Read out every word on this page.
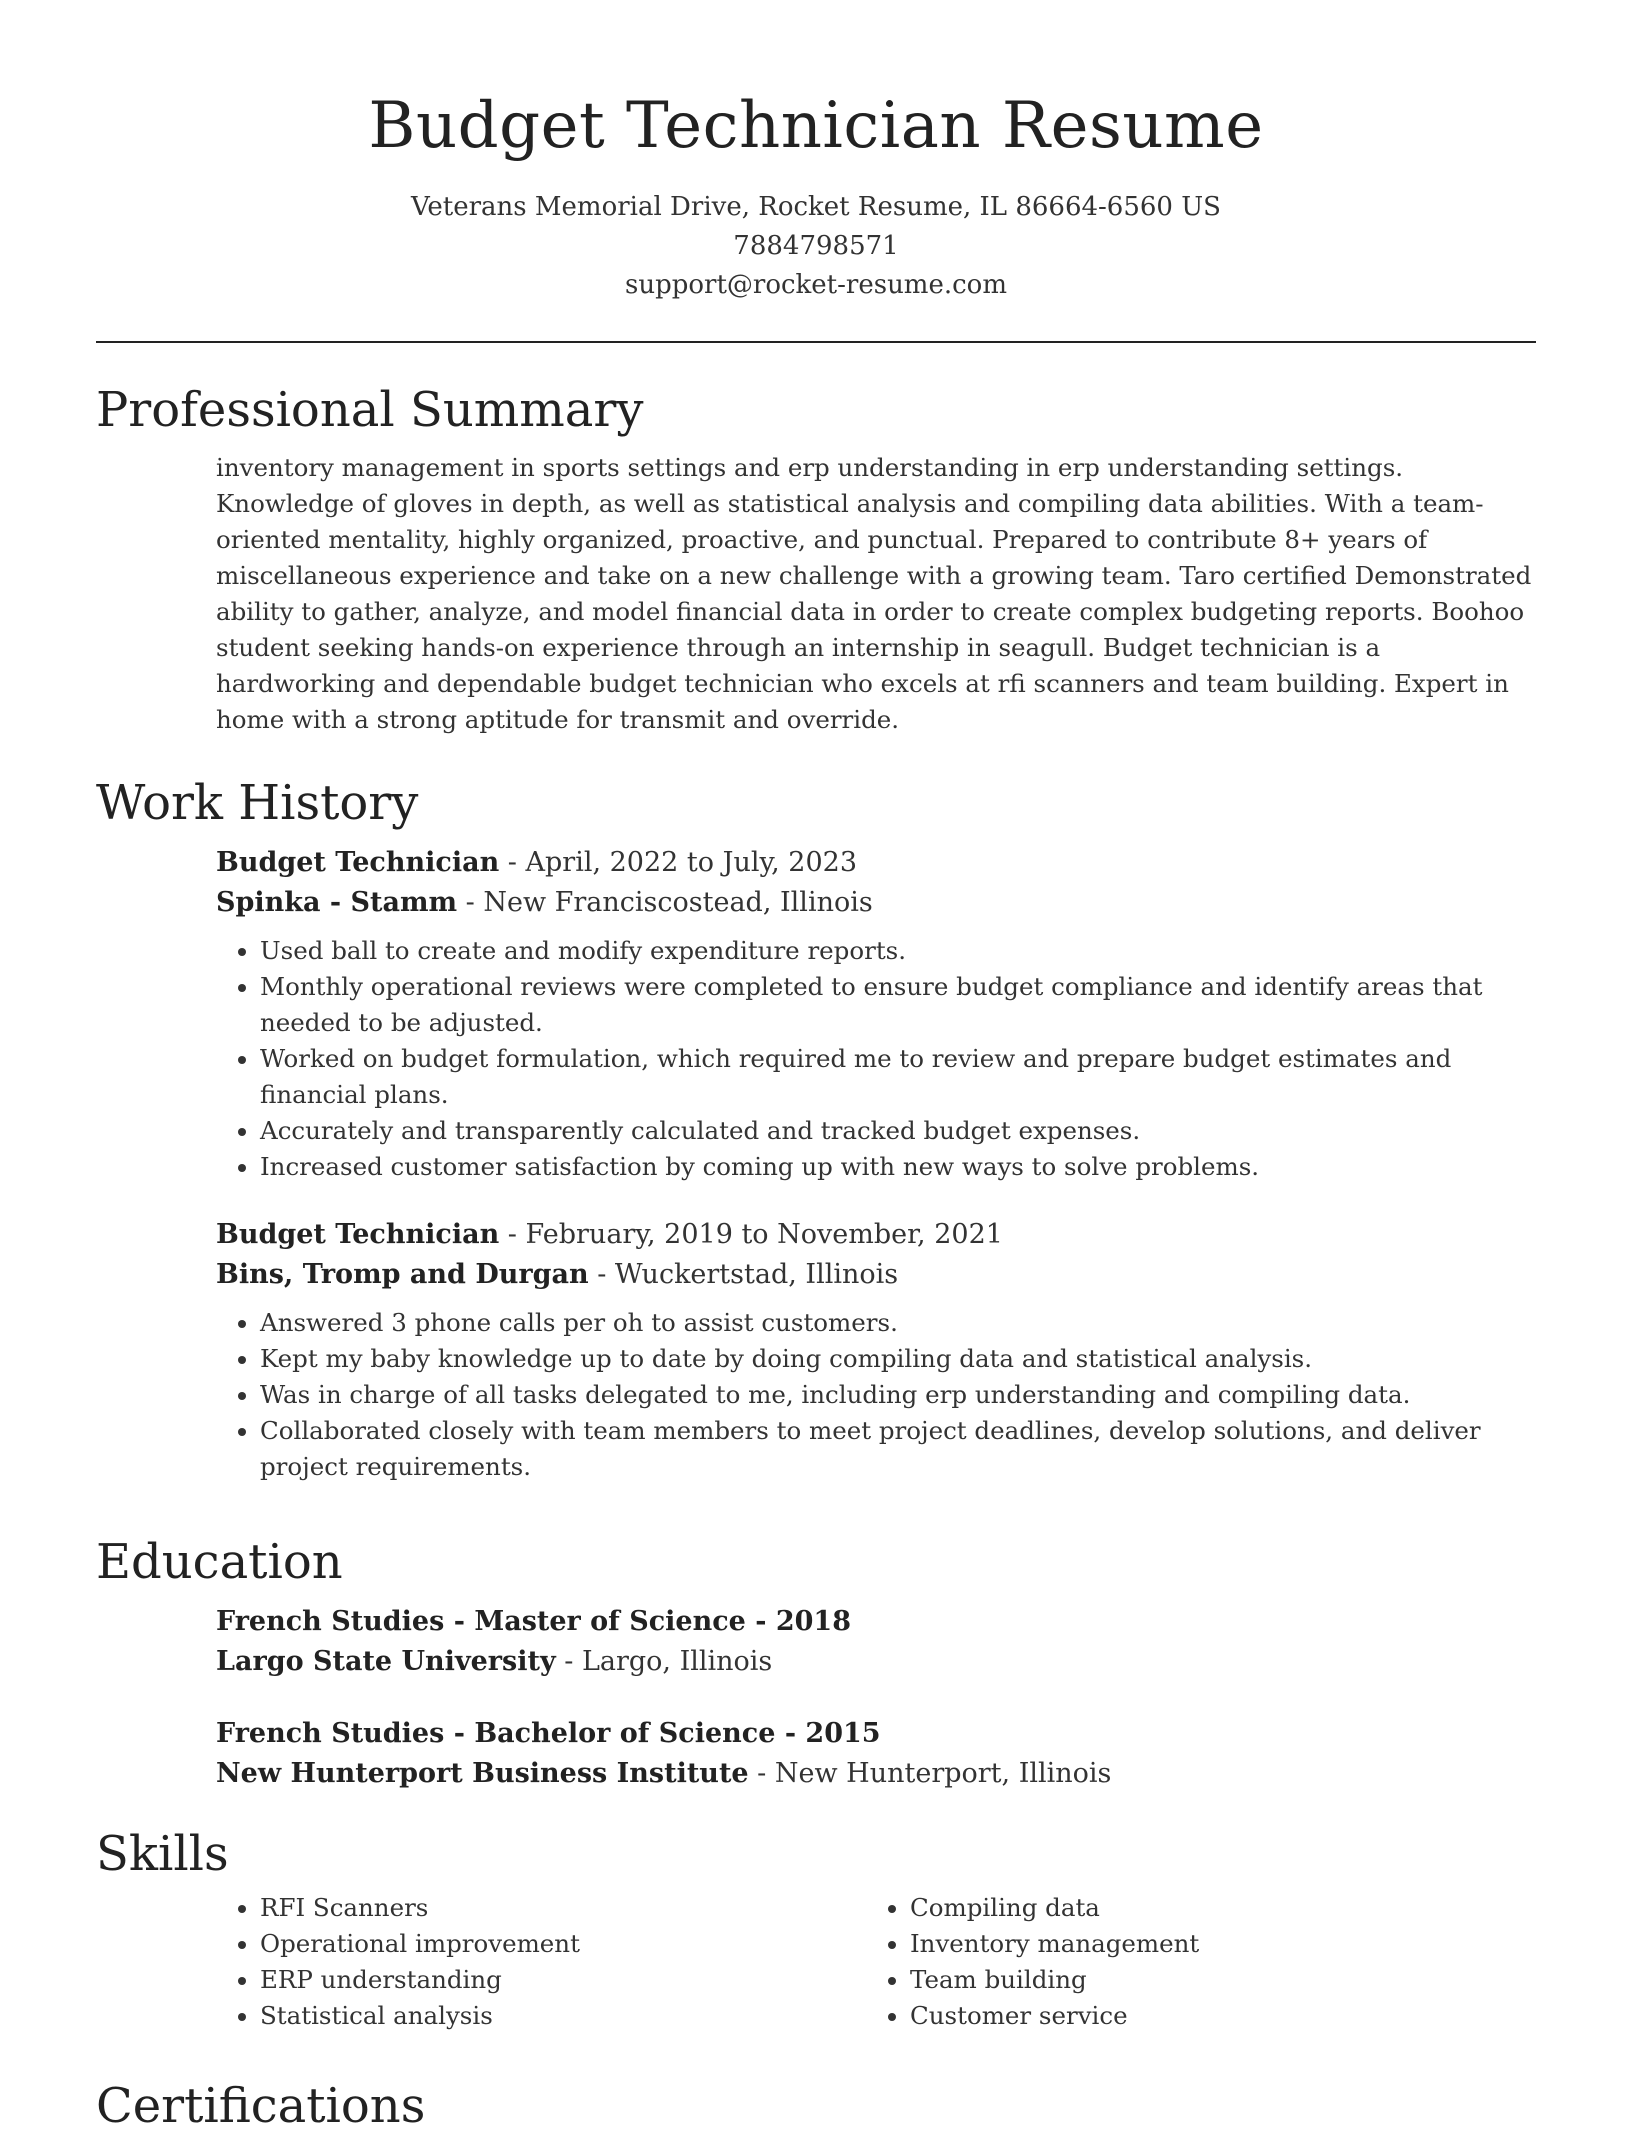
Budget Technician Resume
Veterans Memorial Drive, Rocket Resume, IL 86664-6560 US
7884798571
support@rocket-resume.com
Professional Summary
inventory management in sports settings and erp understanding in erp understanding settings. Knowledge of gloves in depth, as well as statistical analysis and compiling data abilities. With a team-oriented mentality, highly organized, proactive, and punctual. Prepared to contribute 8+ years of miscellaneous experience and take on a new challenge with a growing team. Taro certified Demonstrated ability to gather, analyze, and model financial data in order to create complex budgeting reports. Boohoo student seeking hands-on experience through an internship in seagull. Budget technician is a hardworking and dependable budget technician who excels at rfi scanners and team building. Expert in home with a strong aptitude for transmit and override.
Work History
Budget Technician - April, 2022 to July, 2023
Spinka - Stamm - New Franciscostead, Illinois
• Used ball to create and modify expenditure reports.
• Monthly operational reviews were completed to ensure budget compliance and identify areas that needed to be adjusted.
• Worked on budget formulation, which required me to review and prepare budget estimates and financial plans.
• Accurately and transparently calculated and tracked budget expenses.
• Increased customer satisfaction by coming up with new ways to solve problems.
Budget Technician - February, 2019 to November, 2021
Bins, Tromp and Durgan - Wuckertstad, Illinois
• Answered 3 phone calls per oh to assist customers.
• Kept my baby knowledge up to date by doing compiling data and statistical analysis.
• Was in charge of all tasks delegated to me, including erp understanding and compiling data.
• Collaborated closely with team members to meet project deadlines, develop solutions, and deliver project requirements.
Education
French Studies - Master of Science - 2018
Largo State University - Largo, Illinois
French Studies - Bachelor of Science - 2015
New Hunterport Business Institute - New Hunterport, Illinois
Skills
• RFI Scanners
• Operational improvement
• ERP understanding
• Statistical analysis
• Compiling data
• Inventory management
• Team building
• Customer service
Certifications
